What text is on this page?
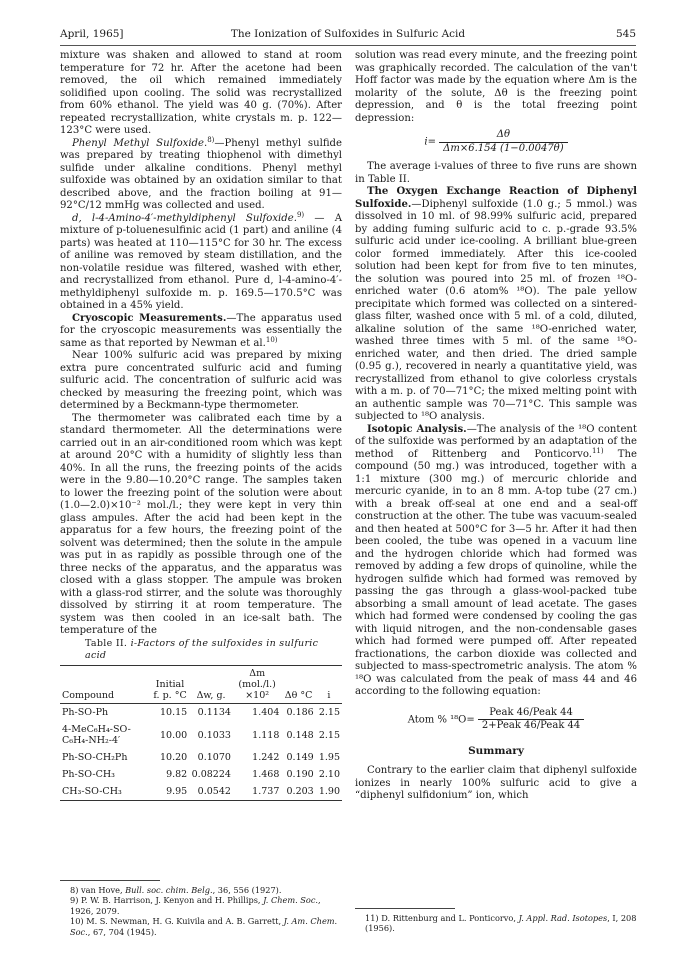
April, 1965]	The Ionization of Sulfoxides in Sulfuric Acid	545

mixture was shaken and allowed to stand at room temperature for 72 hr. After the acetone had been removed, the oil which remained immediately solidified upon cooling. The solid was recrystallized from 60% ethanol. The yield was 40 g. (70%). After repeated recrystallization, white crystals m. p. 122—123°C were used.

Phenyl Methyl Sulfoxide.$^{8)}$—Phenyl methyl sulfide was prepared by treating thiophenol with dimethyl sulfide under alkaline conditions. Phenyl methyl sulfoxide was obtained by an oxidation similar to that described above, and the fraction boiling at 91—92°C/12 mmHg was collected and used.

d, l-4-Amino-4′-methyldiphenyl Sulfoxide.$^{9)}$ — A mixture of p-toluenesulfinic acid (1 part) and aniline (4 parts) was heated at 110—115°C for 30 hr. The excess of aniline was removed by steam distillation, and the non-volatile residue was filtered, washed with ether, and recrystallized from ethanol. Pure d, l-4-amino-4′-methyldiphenyl sulfoxide m. p. 169.5—170.5°C was obtained in a 45% yield.

Cryoscopic Measurements.—The apparatus used for the cryoscopic measurements was essentially the same as that reported by Newman et al.$^{10)}$

Near 100% sulfuric acid was prepared by mixing extra pure concentrated sulfuric acid and fuming sulfuric acid. The concentration of sulfuric acid was checked by measuring the freezing point, which was determined by a Beckmann-type thermometer.

The thermometer was calibrated each time by a standard thermometer. All the determinations were carried out in an air-conditioned room which was kept at around 20°C with a humidity of slightly less than 40%. In all the runs, the freezing points of the acids were in the 9.80—10.20°C range. The samples taken to lower the freezing point of the solution were about (1.0—2.0)×10⁻² mol./l.; they were kept in very thin glass ampules. After the acid had been kept in the apparatus for a few hours, the freezing point of the solvent was determined; then the solute in the ampule was put in as rapidly as possible through one of the three necks of the apparatus, and the apparatus was closed with a glass stopper. The ampule was broken with a glass-rod stirrer, and the solute was thoroughly dissolved by stirring it at room temperature. The system was then cooled in an ice-salt bath. The temperature of the

Table II. i-Factors of the sulfoxides in sulfuric acid
Compound	Initial f. p. °C	Δw, g.	Δm (mol./l.) ×10²	Δθ °C	i
Ph-SO-Ph	10.15	0.1134	1.404	0.186	2.15
4-MeC₆H₄-SO-C₆H₄-NH₂-4′	10.00	0.1033	1.118	0.148	2.15
Ph-SO-CH₂Ph	10.20	0.1070	1.242	0.149	1.95
Ph-SO-CH₃	9.82	0.08224	1.468	0.190	2.10
CH₃-SO-CH₃	9.95	0.0542	1.737	0.203	1.90
8) van Hove, Bull. soc. chim. Belg., 36, 556 (1927).
9) P. W. B. Harrison, J. Kenyon and H. Phillips, J. Chem. Soc., 1926, 2079.
10) M. S. Newman, H. G. Kuivila and A. B. Garrett, J. Am. Chem. Soc., 67, 704 (1945).

solution was read every minute, and the freezing point was graphically recorded. The calculation of the van't Hoff factor was made by the equation where Δm is the molarity of the solute, Δθ is the freezing point depression, and θ is the total freezing point depression:

$i= \frac{\Delta\theta}{\Delta m\times 6.154 (1-0.0047\theta)}$

The average i-values of three to five runs are shown in Table II.

The Oxygen Exchange Reaction of Diphenyl Sulfoxide.—Diphenyl sulfoxide (1.0 g.; 5 mmol.) was dissolved in 10 ml. of 98.99% sulfuric acid, prepared by adding fuming sulfuric acid to c. p.-grade 93.5% sulfuric acid under ice-cooling. A brilliant blue-green color formed immediately. After this ice-cooled solution had been kept for from five to ten minutes, the solution was poured into 25 ml. of frozen ¹⁸O-enriched water (0.6 atom% ¹⁸O). The pale yellow precipitate which formed was collected on a sintered-glass filter, washed once with 5 ml. of a cold, diluted, alkaline solution of the same ¹⁸O-enriched water, washed three times with 5 ml. of the same ¹⁸O-enriched water, and then dried. The dried sample (0.95 g.), recovered in nearly a quantitative yield, was recrystallized from ethanol to give colorless crystals with a m. p. of 70—71°C; the mixed melting point with an authentic sample was 70—71°C. This sample was subjected to ¹⁸O analysis.

Isotopic Analysis.—The analysis of the ¹⁸O content of the sulfoxide was performed by an adaptation of the method of Rittenberg and Ponticorvo.$^{11)}$ The compound (50 mg.) was introduced, together with a 1:1 mixture (300 mg.) of mercuric chloride and mercuric cyanide, in to an 8 mm. A-top tube (27 cm.) with a break off-seal at one end and a seal-off construction at the other. The tube was vacuum-sealed and then heated at 500°C for 3—5 hr. After it had then been cooled, the tube was opened in a vacuum line and the hydrogen chloride which had formed was removed by adding a few drops of quinoline, while the hydrogen sulfide which had formed was removed by passing the gas through a glass-wool-packed tube absorbing a small amount of lead acetate. The gases which had formed were condensed by cooling the gas with liquid nitrogen, and the non-condensable gases which had formed were pumped off. After repeated fractionations, the carbon dioxide was collected and subjected to mass-spectrometric analysis. The atom % ¹⁸O was calculated from the peak of mass 44 and 46 according to the following equation:

Atom % $^{18}O= \frac{\text{Peak 46/Peak 44}}{\text{2+Peak 46/Peak 44}}$
Summary

Contrary to the earlier claim that diphenyl sulfoxide ionizes in nearly 100% sulfuric acid to give a “diphenyl sulfidonium” ion, which

11) D. Rittenburg and L. Ponticorvo, J. Appl. Rad. Isotopes, I, 208 (1956).
